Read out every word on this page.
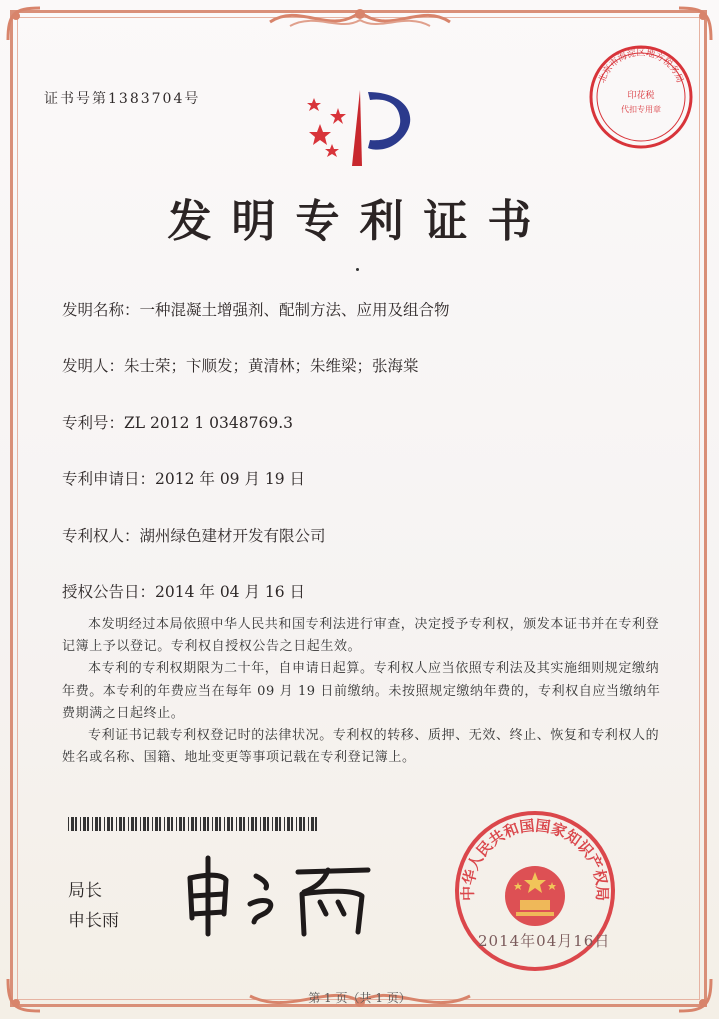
证书号第1383704号
北京市海淀区地方税务局
印花税
代扣专用章
发明专利证书
发明名称：一种混凝土增强剂、配制方法、应用及组合物
发明人：朱士荣；卞顺发；黄清林；朱维梁；张海棠
专利号：ZL 2012 1 0348769.3
专利申请日：2012 年 09 月 19 日
专利权人：湖州绿色建材开发有限公司
授权公告日：2014 年 04 月 16 日

本发明经过本局依照中华人民共和国专利法进行审查，决定授予专利权，颁发本证书并在专利登记簿上予以登记。专利权自授权公告之日起生效。

本专利的专利权期限为二十年，自申请日起算。专利权人应当依照专利法及其实施细则规定缴纳年费。本专利的年费应当在每年 09 月 19 日前缴纳。未按照规定缴纳年费的，专利权自应当缴纳年费期满之日起终止。

专利证书记载专利权登记时的法律状况。专利权的转移、质押、无效、终止、恢复和专利权人的姓名或名称、国籍、地址变更等事项记载在专利登记簿上。

局长
申长雨
中华人民共和国国家知识产权局
2014年04月16日
第 1 页（共 1 页）
